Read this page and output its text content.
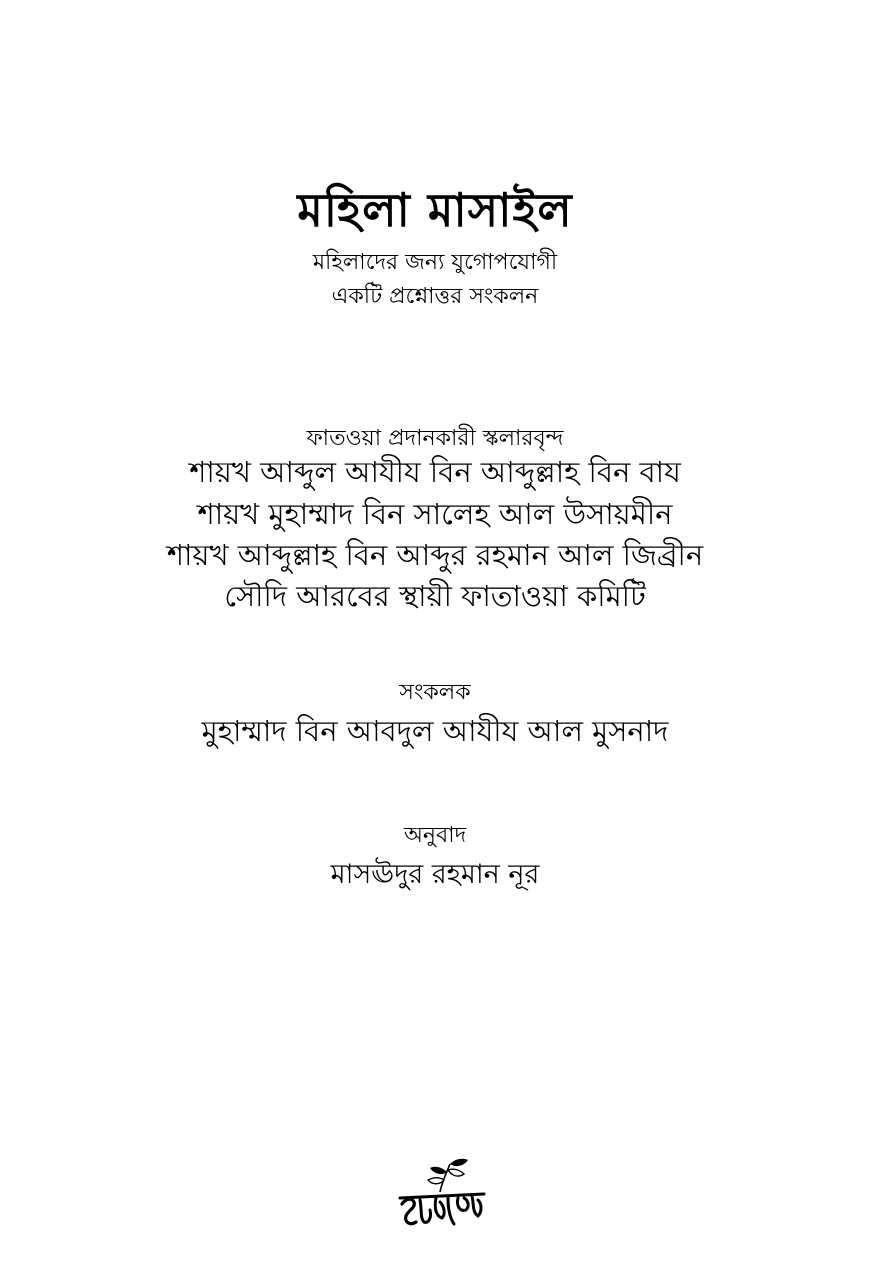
মহিলা মাসাইল
মহিলাদের জন্য যুগোপযোগী
একটি প্রশ্নোত্তর সংকলন
ফাতওয়া প্রদানকারী স্কলারবৃন্দ
শায়খ আব্দুল আযীয বিন আব্দুল্লাহ বিন বায
শায়খ মুহাম্মাদ বিন সালেহ আল উসায়মীন
শায়খ আব্দুল্লাহ বিন আব্দুর রহমান আল জিব্রীন
সৌদি আরবের স্থায়ী ফাতাওয়া কমিটি
সংকলক
মুহাম্মাদ বিন আবদুল আযীয আল মুসনাদ
অনুবাদ
মাসঊদুর রহমান নূর
